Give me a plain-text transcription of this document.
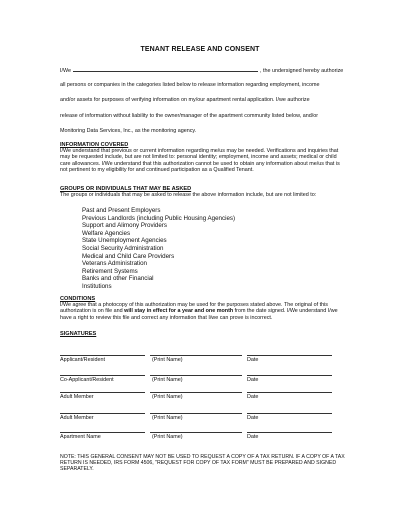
TENANT RELEASE AND CONSENT
I/We	, the undersigned hereby authorize
all persons or companies in the categories listed below to release information regarding employment, income
and/or assets for purposes of verifying information on my/our apartment rental application. I/we authorize
release of information without liability to the owner/manager of the apartment community listed below, and/or
Monitoring Data Services, Inc., as the monitoring agency.
INFORMATION COVERED
I/We understand that previous or current information regarding me/us may be needed. Verifications and inquiries that may be requested include, but are not limited to: personal identity; employment, income and assets; medical or child care allowances. I/We understand that this authorization cannot be used to obtain any information about me/us that is not pertinent to my eligibility for and continued participation as a Qualified Tenant.
GROUPS OR INDIVIDUALS THAT MAY BE ASKED
The groups or individuals that may be asked to release the above information include, but are not limited to:
Past and Present Employers
Previous Landlords (including Public Housing Agencies)
Support and Alimony Providers
Welfare Agencies
State Unemployment Agencies
Social Security Administration
Medical and Child Care Providers
Veterans Administration
Retirement Systems
Banks and other Financial
Institutions
CONDITIONS
I/We agree that a photocopy of this authorization may be used for the purposes stated above. The original of this authorization is on file and will stay in effect for a year and one month from the date signed. I/We understand I/we have a right to review this file and correct any information that I/we can prove is incorrect.
SIGNATURES
Applicant/Resident	(Print Name)	Date
Co-Applicant/Resident	(Print Name)	Date
Adult Member	(Print Name)	Date
Adult Member	(Print Name)	Date
Apartment Name	(Print Name)	Date
NOTE: THIS GENERAL CONSENT MAY NOT BE USED TO REQUEST A COPY OF A TAX RETURN. IF A COPY OF A TAX RETURN IS NEEDED, IRS FORM 4506, "REQUEST FOR COPY OF TAX FORM" MUST BE PREPARED AND SIGNED SEPARATELY.
